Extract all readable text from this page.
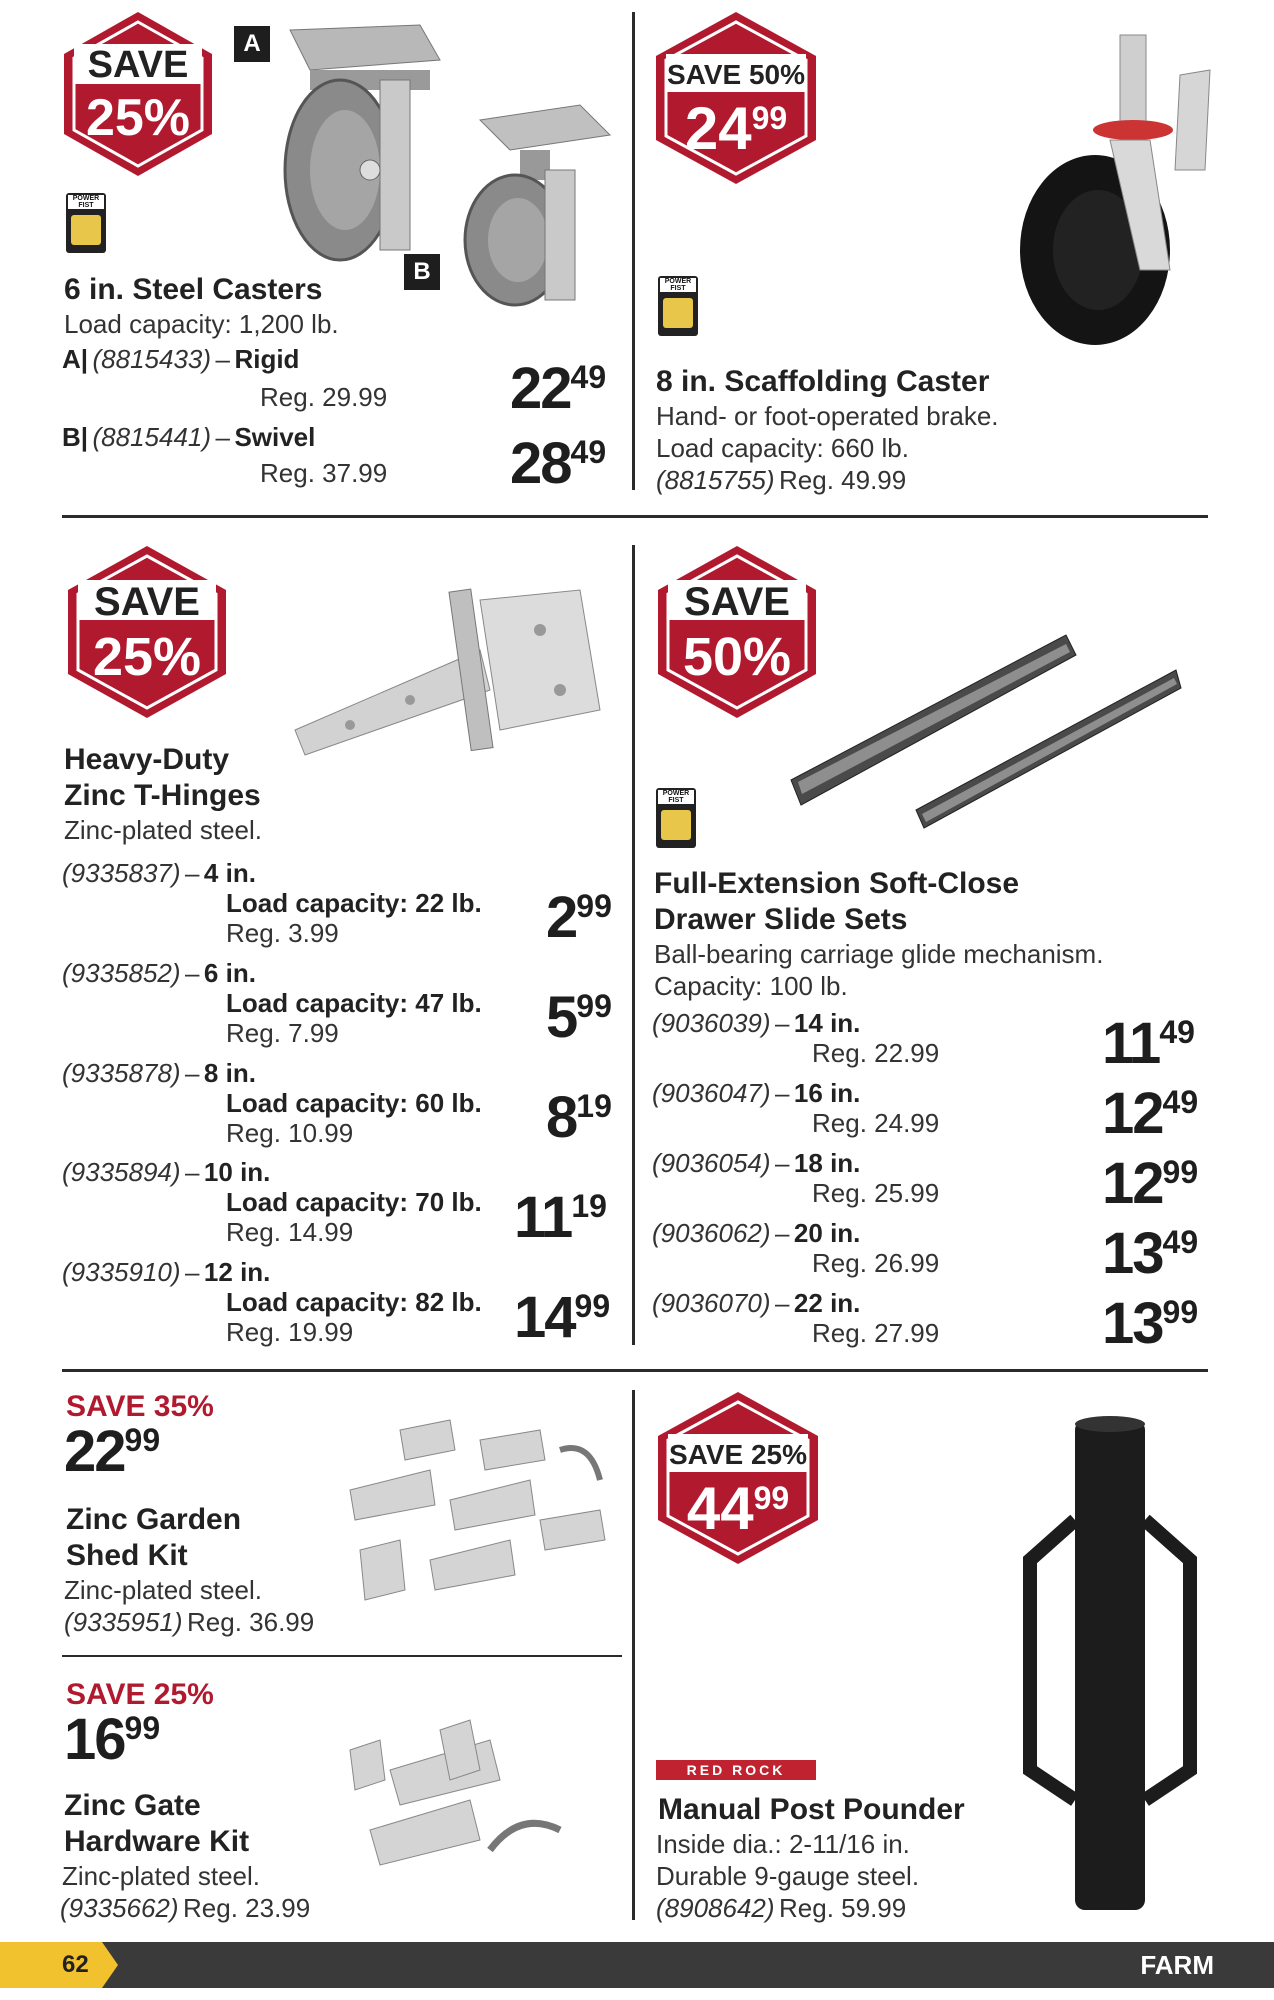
SAVE
25%
A
B
POWER FIST
6 in. Steel Casters
Load capacity: 1,200 lb.
A| (8815433) – Rigid
Reg. 29.99 2249
B| (8815441) – Swivel
Reg. 37.99 2849
SAVE 50%
2499
POWER FIST
8 in. Scaffolding Caster
Hand- or foot-operated brake.
Load capacity: 660 lb.
(8815755) Reg. 49.99
SAVE
25%
Heavy-Duty
Zinc T-Hinges
Zinc-plated steel.
(9335837) – 4 in.
Load capacity: 22 lb.
Reg. 3.99	299
(9335852) – 6 in.
Load capacity: 47 lb.
Reg. 7.99	599
(9335878) – 8 in.
Load capacity: 60 lb.
Reg. 10.99	819
(9335894) – 10 in.
Load capacity: 70 lb.
Reg. 14.99	1119
(9335910) – 12 in.
Load capacity: 82 lb.
Reg. 19.99	1499
SAVE
50%
POWER FIST
Full-Extension Soft-Close
Drawer Slide Sets
Ball-bearing carriage glide mechanism.
Capacity: 100 lb.
(9036039) – 14 in.
Reg. 22.99	1149
(9036047) – 16 in.
Reg. 24.99	1249
(9036054) – 18 in.
Reg. 25.99	1299
(9036062) – 20 in.
Reg. 26.99	1349
(9036070) – 22 in.
Reg. 27.99	1399
SAVE 35%
2299
Zinc Garden
Shed Kit
Zinc-plated steel.
(9335951) Reg. 36.99
SAVE 25%
1699
Zinc Gate
Hardware Kit
Zinc-plated steel.
(9335662) Reg. 23.99
SAVE 25%
4499
RED ROCK
Manual Post Pounder
Inside dia.: 2-11/16 in.
Durable 9-gauge steel.
(8908642) Reg. 59.99
FARM
62
